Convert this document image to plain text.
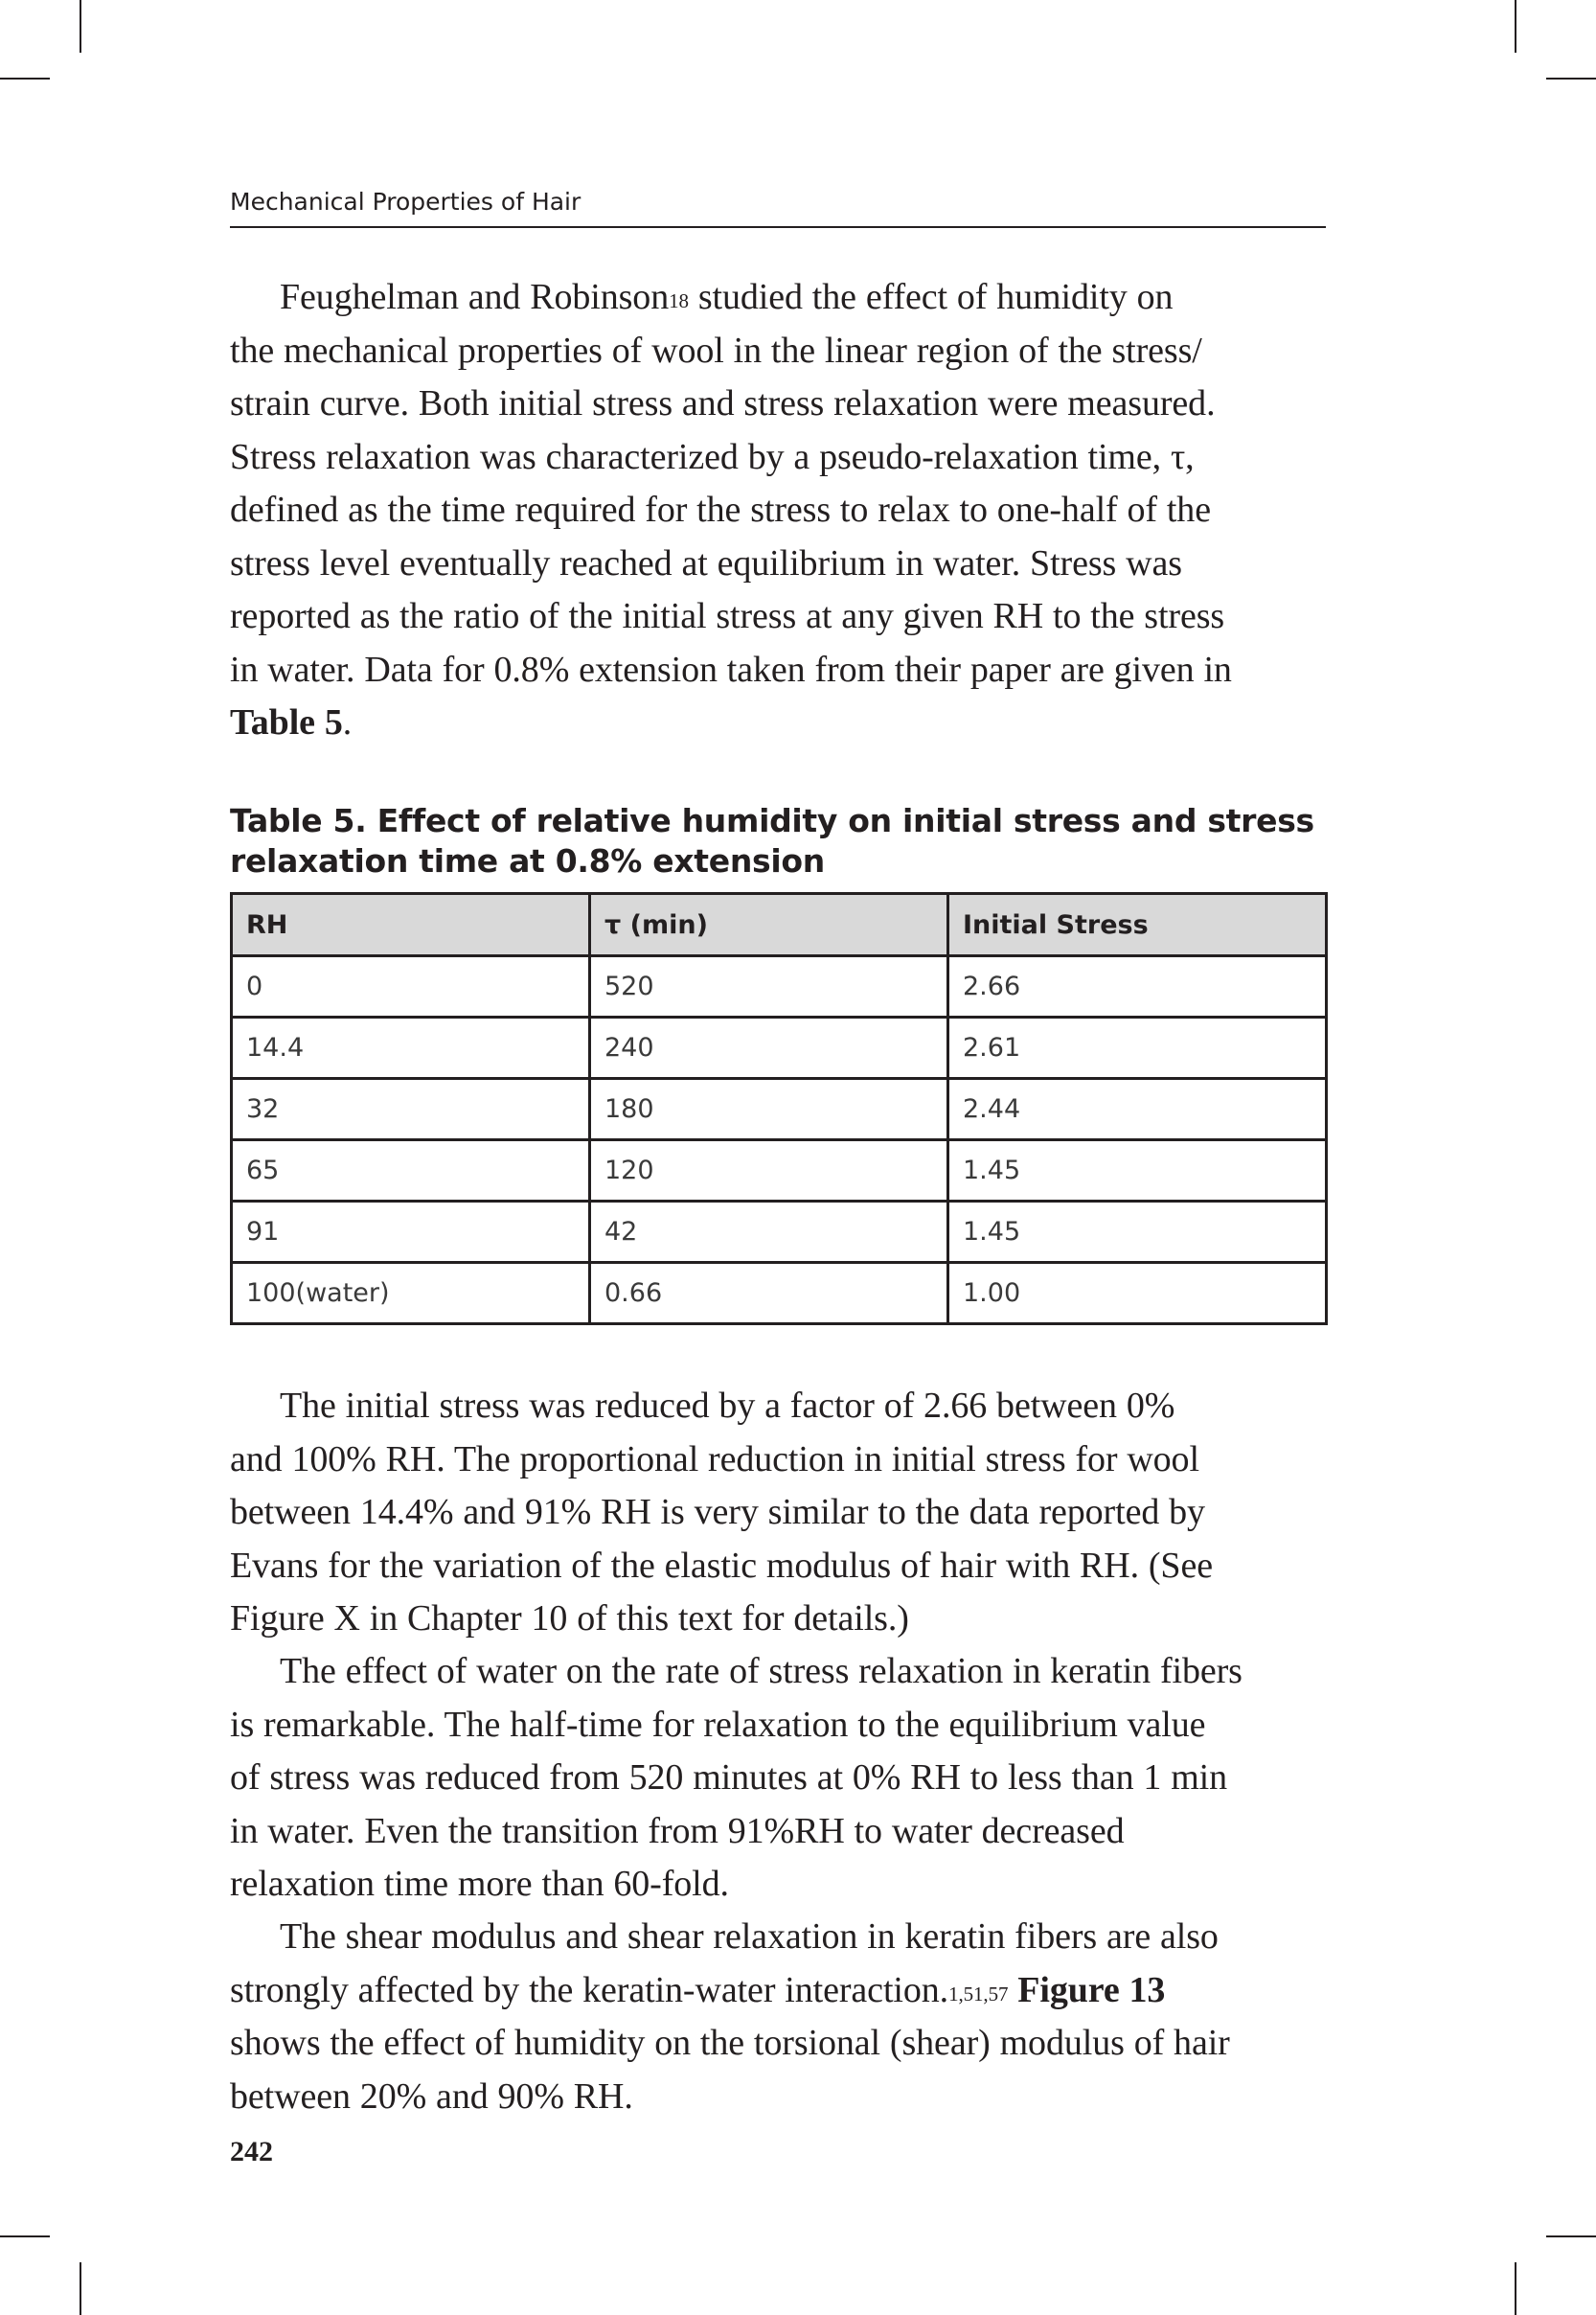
Mechanical Properties of Hair

Feughelman and Robinson$^{18}$ studied the effect of humidity on
the mechanical properties of wool in the linear region of the stress/
strain curve. Both initial stress and stress relaxation were measured.
Stress relaxation was characterized by a pseudo-relaxation time, τ,
defined as the time required for the stress to relax to one-half of the
stress level eventually reached at equilibrium in water. Stress was
reported as the ratio of the initial stress at any given RH to the stress
in water. Data for 0.8% extension taken from their paper are given in
Table 5.

Table 5. Effect of relative humidity on initial stress and stress
relaxation time at 0.8% extension
RH	τ (min)	Initial Stress
0	520	2.66
14.4	240	2.61
32	180	2.44
65	120	1.45
91	42	1.45
100(water)	0.66	1.00

The initial stress was reduced by a factor of 2.66 between 0%
and 100% RH. The proportional reduction in initial stress for wool
between 14.4% and 91% RH is very similar to the data reported by
Evans for the variation of the elastic modulus of hair with RH. (See
Figure X in Chapter 10 of this text for details.)

The effect of water on the rate of stress relaxation in keratin fibers
is remarkable. The half-time for relaxation to the equilibrium value
of stress was reduced from 520 minutes at 0% RH to less than 1 min
in water. Even the transition from 91%RH to water decreased
relaxation time more than 60-fold.

The shear modulus and shear relaxation in keratin fibers are also
strongly affected by the keratin-water interaction.$^{1,51,57}$ Figure 13
shows the effect of humidity on the torsional (shear) modulus of hair
between 20% and 90% RH.

242
